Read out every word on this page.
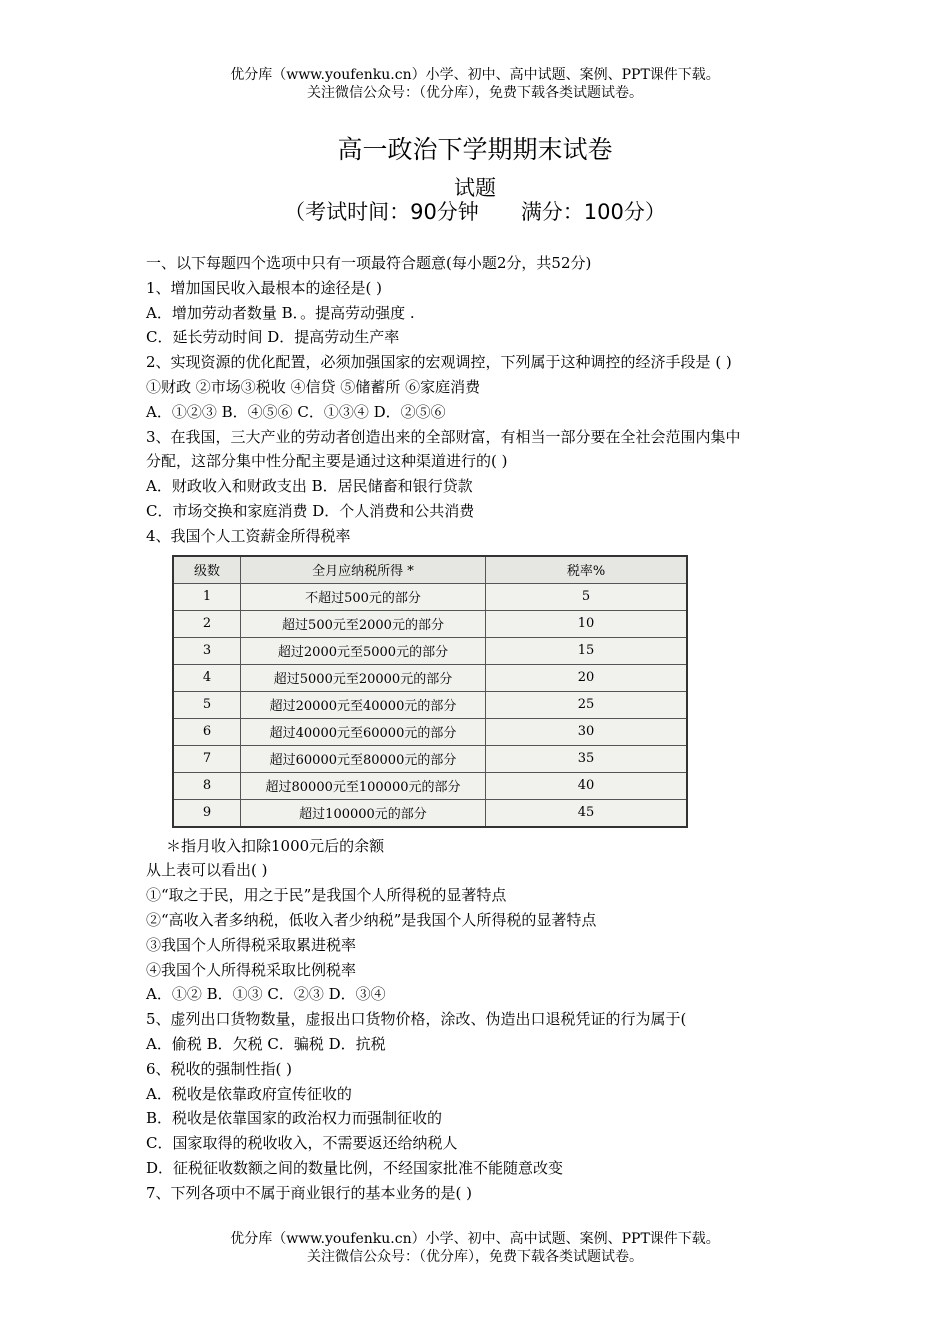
优分库（www.youfenku.cn）小学、初中、高中试题、案例、PPT课件下载。
关注微信公众号：（优分库），免费下载各类试题试卷。
高一政治下学期期末试卷
试题
（考试时间：90分钟 满分：100分）
一、以下每题四个选项中只有一项最符合题意(每小题2分，共52分)
1、增加国民收入最根本的途径是( )
A．增加劳动者数量 B．。提高劳动强度 .
C．延长劳动时间 D．提高劳动生产率
2、实现资源的优化配置，必须加强国家的宏观调控，下列属于这种调控的经济手段是 ( )
①财政 ②市场③税收 ④信贷 ⑤储蓄所 ⑥家庭消费
A．①②③ B．④⑤⑥ C．①③④ D．②⑤⑥
3、在我国，三大产业的劳动者创造出来的全部财富，有相当一部分要在全社会范围内集中
分配，这部分集中性分配主要是通过这种渠道进行的( )
A．财政收入和财政支出 B．居民储畜和银行贷款
C．市场交换和家庭消费 D．个人消费和公共消费
4、我国个人工资薪金所得税率
级数	全月应纳税所得 *	税率%
1	不超过500元的部分	5
2	超过500元至2000元的部分	10
3	超过2000元至5000元的部分	15
4	超过5000元至20000元的部分	20
5	超过20000元至40000元的部分	25
6	超过40000元至60000元的部分	30
7	超过60000元至80000元的部分	35
8	超过80000元至100000元的部分	40
9	超过100000元的部分	45
＊指月收入扣除1000元后的余额
从上表可以看出( )
①“取之于民，用之于民”是我国个人所得税的显著特点
②“高收入者多纳税，低收入者少纳税”是我国个人所得税的显著特点
③我国个人所得税采取累进税率
④我国个人所得税采取比例税率
A．①② B．①③ C．②③ D．③④
5、虚列出口货物数量，虚报出口货物价格，涂改、伪造出口退税凭证的行为属于(
A．偷税 B．欠税 C．骗税 D．抗税
6、税收的强制性指( )
A．税收是依靠政府宣传征收的
B．税收是依靠国家的政治权力而强制征收的
C．国家取得的税收收入，不需要返还给纳税人
D．征税征收数额之间的数量比例，不经国家批准不能随意改变
7、下列各项中不属于商业银行的基本业务的是( )
优分库（www.youfenku.cn）小学、初中、高中试题、案例、PPT课件下载。
关注微信公众号：（优分库），免费下载各类试题试卷。
